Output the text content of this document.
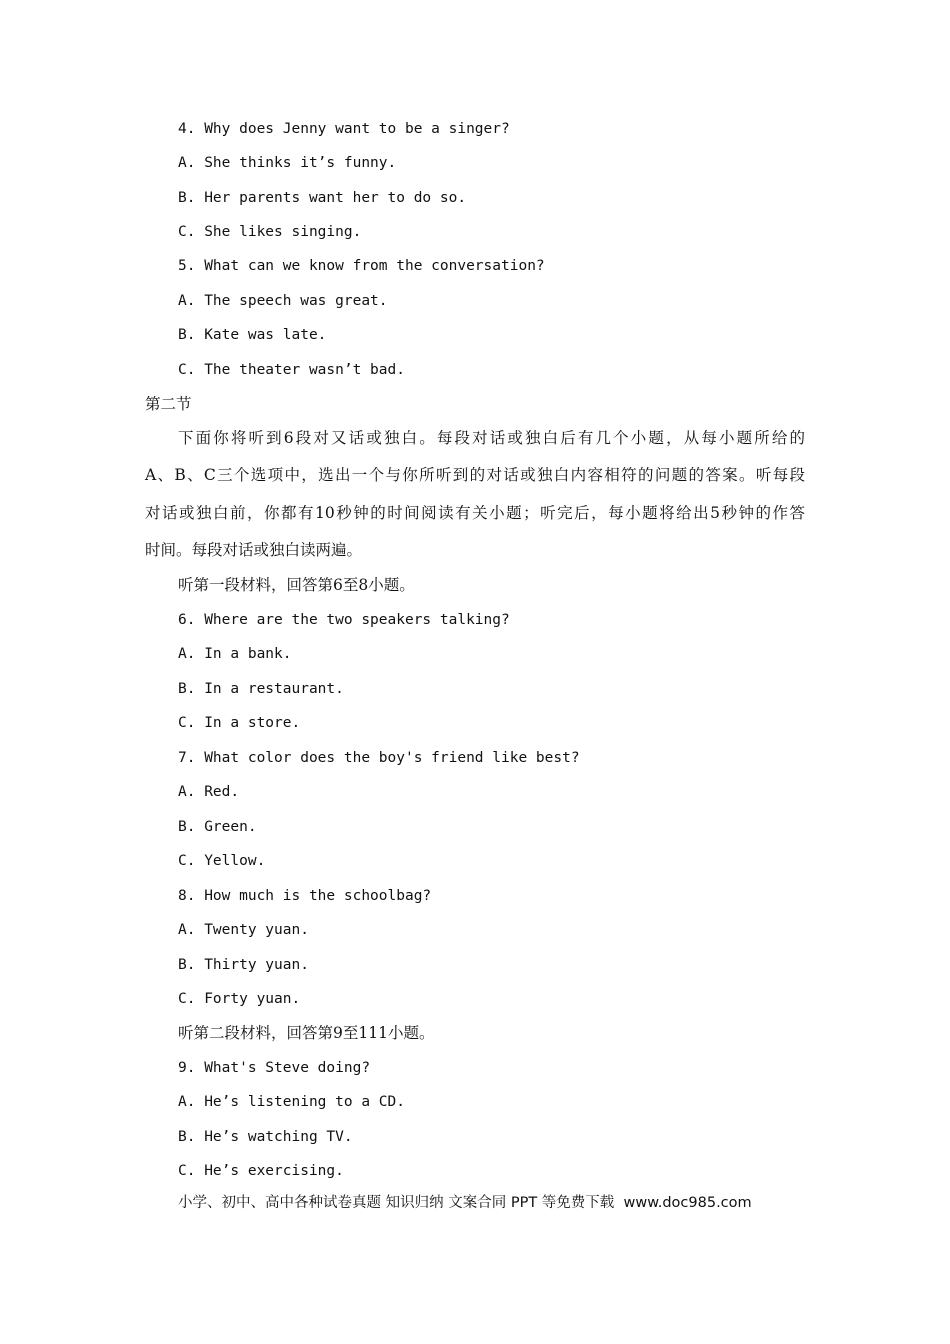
4. Why does Jenny want to be a singer?
A. She thinks it’s funny.
B. Her parents want her to do so.
C. She likes singing.
5. What can we know from the conversation?
A. The speech was great.
B. Kate was late.
C. The theater wasn’t bad.
第二节
下面你将听到6段对又话或独白。每段对话或独白后有几个小题，从每小题所给的
A、B、C三个选项中，选出一个与你所听到的对话或独白内容相符的问题的答案。听每段
对话或独白前，你都有10秒钟的时间阅读有关小题；听完后，每小题将给出5秒钟的作答
时间。每段对话或独白读两遍。
听第一段材料，回答第6至8小题。
6. Where are the two speakers talking?
A. In a bank.
B. In a restaurant.
C. In a store.
7. What color does the boy's friend like best?
A. Red.
B. Green.
C. Yellow.
8. How much is the schoolbag?
A. Twenty yuan.
B. Thirty yuan.
C. Forty yuan.
听第二段材料，回答第9至111小题。
9. What's Steve doing?
A. He’s listening to a CD.
B. He’s watching TV.
C. He’s exercising.
小学、初中、高中各种试卷真题 知识归纳 文案合同 PPT 等免费下载  www.doc985.com
